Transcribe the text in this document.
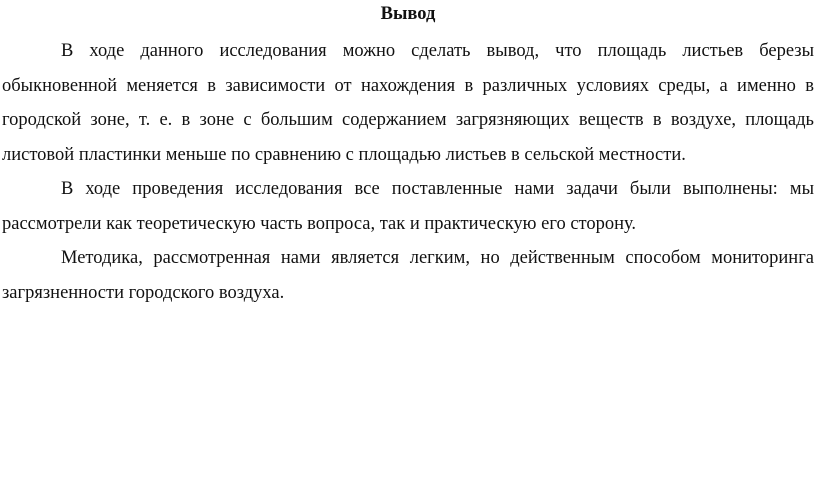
Вывод

В ходе данного исследования можно сделать вывод, что площадь листьев березы обыкновенной меняется в зависимости от нахождения в различных условиях среды, а именно в городской зоне, т. е. в зоне с большим содержанием загрязняющих веществ в воздухе, площадь листовой пластинки меньше по сравнению с площадью листьев в сельской местности.

В ходе проведения исследования все поставленные нами задачи были выполнены: мы рассмотрели как теоретическую часть вопроса, так и практическую его сторону.

Методика, рассмотренная нами является легким, но действенным способом мониторинга загрязненности городского воздуха.
